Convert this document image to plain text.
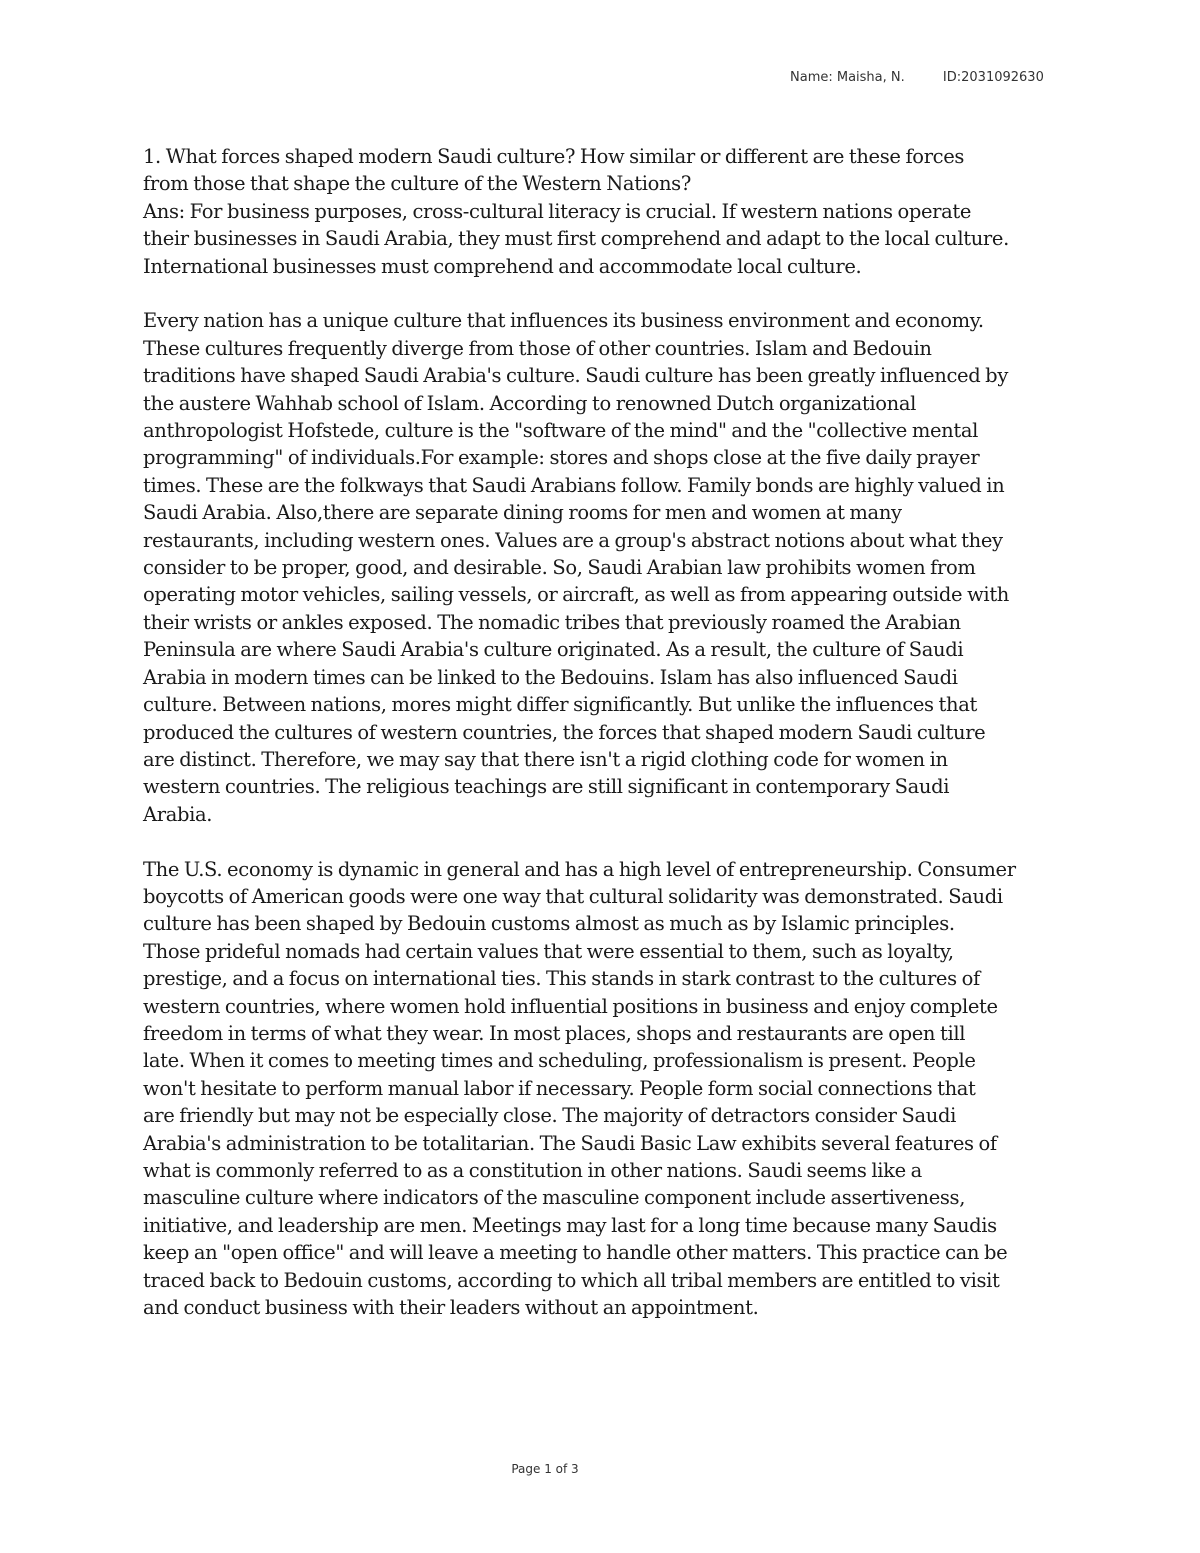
Name: Maisha, N.	ID:2031092630

1. What forces shaped modern Saudi culture? How similar or different are these forces
from those that shape the culture of the Western Nations?

Ans: For business purposes, cross-cultural literacy is crucial. If western nations operate
their businesses in Saudi Arabia, they must first comprehend and adapt to the local culture.
International businesses must comprehend and accommodate local culture.

Every nation has a unique culture that influences its business environment and economy.
These cultures frequently diverge from those of other countries. Islam and Bedouin
traditions have shaped Saudi Arabia's culture. Saudi culture has been greatly influenced by
the austere Wahhab school of Islam. According to renowned Dutch organizational
anthropologist Hofstede, culture is the "software of the mind" and the "collective mental
programming" of individuals.For example: stores and shops close at the five daily prayer
times. These are the folkways that Saudi Arabians follow. Family bonds are highly valued in
Saudi Arabia. Also,there are separate dining rooms for men and women at many
restaurants, including western ones. Values are a group's abstract notions about what they
consider to be proper, good, and desirable. So, Saudi Arabian law prohibits women from
operating motor vehicles, sailing vessels, or aircraft, as well as from appearing outside with
their wrists or ankles exposed. The nomadic tribes that previously roamed the Arabian
Peninsula are where Saudi Arabia's culture originated. As a result, the culture of Saudi
Arabia in modern times can be linked to the Bedouins. Islam has also influenced Saudi
culture. Between nations, mores might differ significantly. But unlike the influences that
produced the cultures of western countries, the forces that shaped modern Saudi culture
are distinct. Therefore, we may say that there isn't a rigid clothing code for women in
western countries. The religious teachings are still significant in contemporary Saudi
Arabia.

The U.S. economy is dynamic in general and has a high level of entrepreneurship. Consumer
boycotts of American goods were one way that cultural solidarity was demonstrated. Saudi
culture has been shaped by Bedouin customs almost as much as by Islamic principles.
Those prideful nomads had certain values that were essential to them, such as loyalty,
prestige, and a focus on international ties. This stands in stark contrast to the cultures of
western countries, where women hold influential positions in business and enjoy complete
freedom in terms of what they wear. In most places, shops and restaurants are open till
late. When it comes to meeting times and scheduling, professionalism is present. People
won't hesitate to perform manual labor if necessary. People form social connections that
are friendly but may not be especially close. The majority of detractors consider Saudi
Arabia's administration to be totalitarian. The Saudi Basic Law exhibits several features of
what is commonly referred to as a constitution in other nations. Saudi seems like a
masculine culture where indicators of the masculine component include assertiveness,
initiative, and leadership are men. Meetings may last for a long time because many Saudis
keep an "open office" and will leave a meeting to handle other matters. This practice can be
traced back to Bedouin customs, according to which all tribal members are entitled to visit
and conduct business with their leaders without an appointment.

Page 1 of 3
